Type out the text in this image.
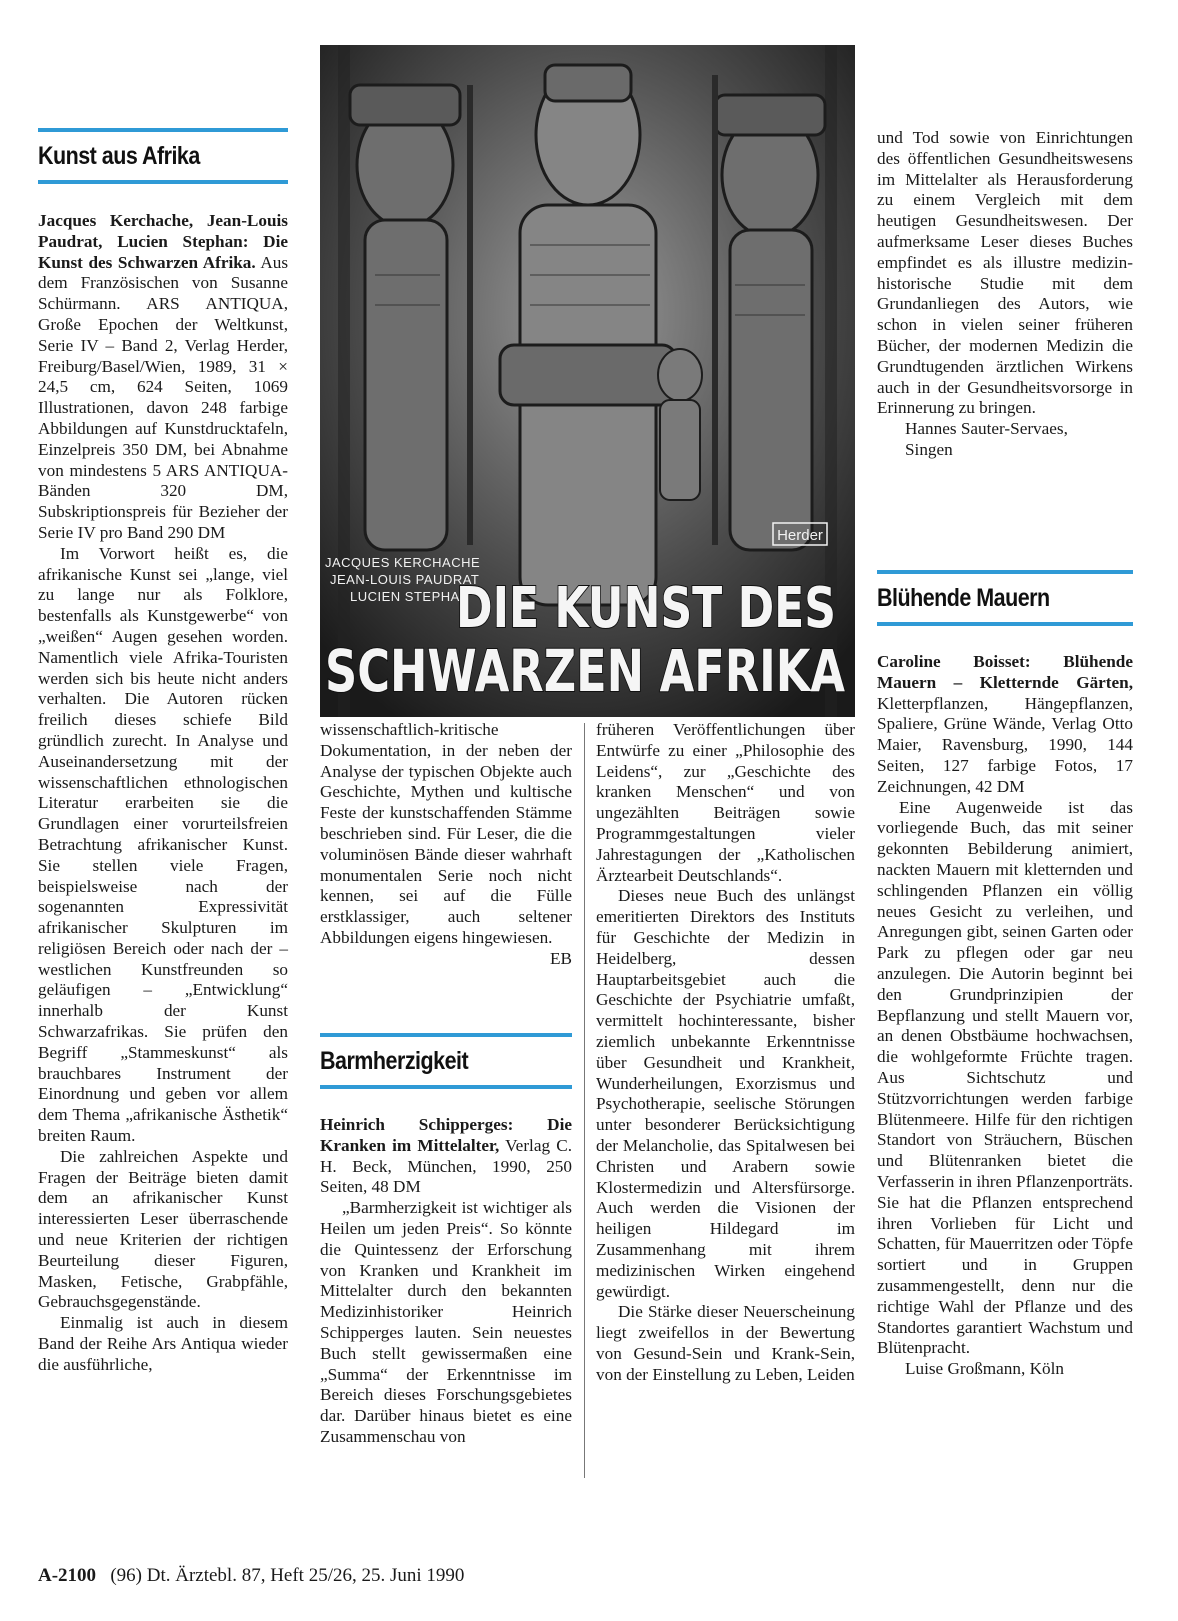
Kunst aus Afrika

Jacques Kerchache, Jean-Louis Paudrat, Lucien Stephan: Die Kunst des Schwarzen Afrika. Aus dem Französischen von Susanne Schürmann. ARS ANTIQUA, Große Epochen der Weltkunst, Serie IV – Band 2, Verlag Herder, Freiburg/Basel/Wien, 1989, 31 × 24,5 cm, 624 Seiten, 1069 Illustrationen, davon 248 farbige Abbildungen auf Kunstdrucktafeln, Einzelpreis 350 DM, bei Abnahme von mindestens 5 ARS ANTIQUA-Bänden 320 DM, Subskriptionspreis für Bezieher der Serie IV pro Band 290 DM

Im Vorwort heißt es, die afrikanische Kunst sei „lange, viel zu lange nur als Folklore, bestenfalls als Kunstgewerbe“ von „weißen“ Augen gesehen worden. Namentlich viele Afrika-Touristen werden sich bis heute nicht anders verhalten. Die Autoren rücken freilich dieses schiefe Bild gründlich zurecht. In Analyse und Auseinandersetzung mit der wissenschaftlichen ethnologischen Literatur erarbeiten sie die Grundlagen einer vorurteilsfreien Betrachtung afrikanischer Kunst. Sie stellen viele Fragen, beispielsweise nach der sogenannten Expressivität afrikanischer Skulpturen im religiösen Bereich oder nach der – westlichen Kunstfreunden so geläufigen – „Entwicklung“ innerhalb der Kunst Schwarzafrikas. Sie prüfen den Begriff „Stammeskunst“ als brauchbares Instrument der Einordnung und geben vor allem dem Thema „afrikanische Ästhetik“ breiten Raum.

Die zahlreichen Aspekte und Fragen der Beiträge bieten damit dem an afrikanischer Kunst interessierten Leser überraschende und neue Kriterien der richtigen Beurteilung dieser Figuren, Masken, Fetische, Grabpfähle, Gebrauchsgegenstände.

Einmalig ist auch in diesem Band der Reihe Ars Antiqua wieder die ausführliche,

JACQUES KERCHACHE
JEAN-LOUIS PAUDRAT
LUCIEN STEPHAN
Herder
DIE KUNST DES
SCHWARZEN AFRIKA

wissenschaftlich-kritische Dokumentation, in der neben der Analyse der typischen Objekte auch Geschichte, Mythen und kultische Feste der kunstschaffenden Stämme beschrieben sind. Für Leser, die die voluminösen Bände dieser wahrhaft monumentalen Serie noch nicht kennen, sei auf die Fülle erstklassiger, auch seltener Abbildungen eigens hingewiesen.

EB

Barmherzigkeit

Heinrich Schipperges: Die Kranken im Mittelalter, Verlag C. H. Beck, München, 1990, 250 Seiten, 48 DM

„Barmherzigkeit ist wichtiger als Heilen um jeden Preis“. So könnte die Quintessenz der Erforschung von Kranken und Krankheit im Mittelalter durch den bekannten Medizinhistoriker Heinrich Schipperges lauten. Sein neuestes Buch stellt gewissermaßen eine „Summa“ der Erkenntnisse im Bereich dieses Forschungsgebietes dar. Darüber hinaus bietet es eine Zusammenschau von

früheren Veröffentlichungen über Entwürfe zu einer „Philosophie des Leidens“, zur „Geschichte des kranken Menschen“ und von ungezählten Beiträgen sowie Programmgestaltungen vieler Jahrestagungen der „Katholischen Ärztearbeit Deutschlands“.

Dieses neue Buch des unlängst emeritierten Direktors des Instituts für Geschichte der Medizin in Heidelberg, dessen Hauptarbeitsgebiet auch die Geschichte der Psychiatrie umfaßt, vermittelt hochinteressante, bisher ziemlich unbekannte Erkenntnisse über Gesundheit und Krankheit, Wunderheilungen, Exorzismus und Psychotherapie, seelische Störungen unter besonderer Berücksichtigung der Melancholie, das Spitalwesen bei Christen und Arabern sowie Klostermedizin und Altersfürsorge. Auch werden die Visionen der heiligen Hildegard im Zusammenhang mit ihrem medizinischen Wirken eingehend gewürdigt.

Die Stärke dieser Neuerscheinung liegt zweifellos in der Bewertung von Gesund-Sein und Krank-Sein, von der Einstellung zu Leben, Leiden

und Tod sowie von Einrichtungen des öffentlichen Gesundheitswesens im Mittelalter als Herausforderung zu einem Vergleich mit dem heutigen Gesundheitswesen. Der aufmerksame Leser dieses Buches empfindet es als illustre medizin-historische Studie mit dem Grundanliegen des Autors, wie schon in vielen seiner früheren Bücher, der modernen Medizin die Grundtugenden ärztlichen Wirkens auch in der Gesundheitsvorsorge in Erinnerung zu bringen.

Hannes Sauter-Servaes,

Singen

Blühende Mauern

Caroline Boisset: Blühende Mauern – Kletternde Gärten, Kletterpflanzen, Hängepflanzen, Spaliere, Grüne Wände, Verlag Otto Maier, Ravensburg, 1990, 144 Seiten, 127 farbige Fotos, 17 Zeichnungen, 42 DM

Eine Augenweide ist das vorliegende Buch, das mit seiner gekonnten Bebilderung animiert, nackten Mauern mit kletternden und schlingenden Pflanzen ein völlig neues Gesicht zu verleihen, und Anregungen gibt, seinen Garten oder Park zu pflegen oder gar neu anzulegen. Die Autorin beginnt bei den Grundprinzipien der Bepflanzung und stellt Mauern vor, an denen Obstbäume hochwachsen, die wohlgeformte Früchte tragen. Aus Sichtschutz und Stützvorrichtungen werden farbige Blütenmeere. Hilfe für den richtigen Standort von Sträuchern, Büschen und Blütenranken bietet die Verfasserin in ihren Pflanzenporträts. Sie hat die Pflanzen entsprechend ihren Vorlieben für Licht und Schatten, für Mauerritzen oder Töpfe sortiert und in Gruppen zusammengestellt, denn nur die richtige Wahl der Pflanze und des Standortes garantiert Wachstum und Blütenpracht.

Luise Großmann, Köln

A-2100 (96) Dt. Ärztebl. 87, Heft 25/26, 25. Juni 1990
